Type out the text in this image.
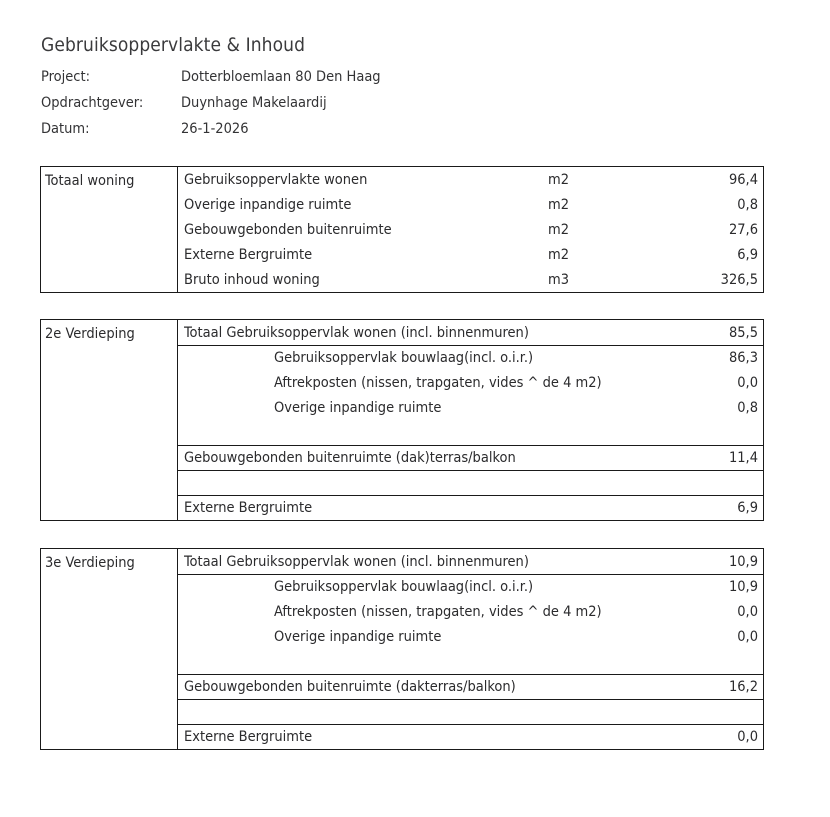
Gebruiksoppervlakte & Inhoud
Project:	Dotterbloemlaan 80 Den Haag
Opdrachtgever:	Duynhage Makelaardij
Datum:	26-1-2026
Totaal woning	Gebruiksoppervlakte wonen	m2	96,4
Overige inpandige ruimte	m2	0,8
Gebouwgebonden buitenruimte	m2	27,6
Externe Bergruimte	m2	6,9
Bruto inhoud woning	m3	326,5
2e Verdieping	Totaal Gebruiksoppervlak wonen (incl. binnenmuren)	85,5
Gebruiksoppervlak bouwlaag(incl. o.i.r.)	86,3
Aftrekposten (nissen, trapgaten, vides ^ de 4 m2)	0,0
Overige inpandige ruimte	0,8
Gebouwgebonden buitenruimte (dak)terras/balkon	11,4
Externe Bergruimte	6,9
3e Verdieping	Totaal Gebruiksoppervlak wonen (incl. binnenmuren)	10,9
Gebruiksoppervlak bouwlaag(incl. o.i.r.)	10,9
Aftrekposten (nissen, trapgaten, vides ^ de 4 m2)	0,0
Overige inpandige ruimte	0,0
Gebouwgebonden buitenruimte (dakterras/balkon)	16,2
Externe Bergruimte	0,0
